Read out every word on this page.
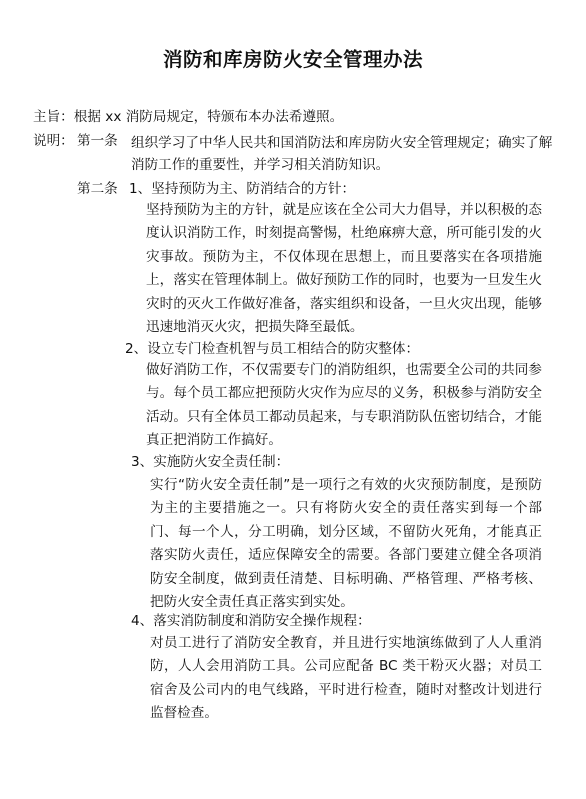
消防和库房防火安全管理办法
主旨：根据 xx 消防局规定，特颁布本办法希遵照。
说明： 第一条 组织学习了中华人民共和国消防法和库房防火安全管理规定；确实了解消防工作的重要性，并学习相关消防知识。
第二条 1、坚持预防为主、防消结合的方针：
坚持预防为主的方针，就是应该在全公司大力倡导，并以积极的态度认识消防工作，时刻提高警惕，杜绝麻痹大意，所可能引发的火灾事故。预防为主，不仅体现在思想上，而且要落实在各项措施上，落实在管理体制上。做好预防工作的同时，也要为一旦发生火灾时的灭火工作做好准备，落实组织和设备，一旦火灾出现，能够迅速地消灭火灾，把损失降至最低。
2、设立专门检查机智与员工相结合的防灾整体：
做好消防工作，不仅需要专门的消防组织，也需要全公司的共同参与。每个员工都应把预防火灾作为应尽的义务，积极参与消防安全活动。只有全体员工都动员起来，与专职消防队伍密切结合，才能真正把消防工作搞好。
3、实施防火安全责任制：
实行“防火安全责任制”是一项行之有效的火灾预防制度，是预防为主的主要措施之一。只有将防火安全的责任落实到每一个部门、每一个人，分工明确，划分区域，不留防火死角，才能真正落实防火责任，适应保障安全的需要。各部门要建立健全各项消防安全制度，做到责任清楚、目标明确、严格管理、严格考核、把防火安全责任真正落实到实处。
4、落实消防制度和消防安全操作规程：
对员工进行了消防安全教育，并且进行实地演练做到了人人重消防，人人会用消防工具。公司应配备 BC 类干粉灭火器；对员工宿舍及公司内的电气线路，平时进行检查，随时对整改计划进行监督检查。
